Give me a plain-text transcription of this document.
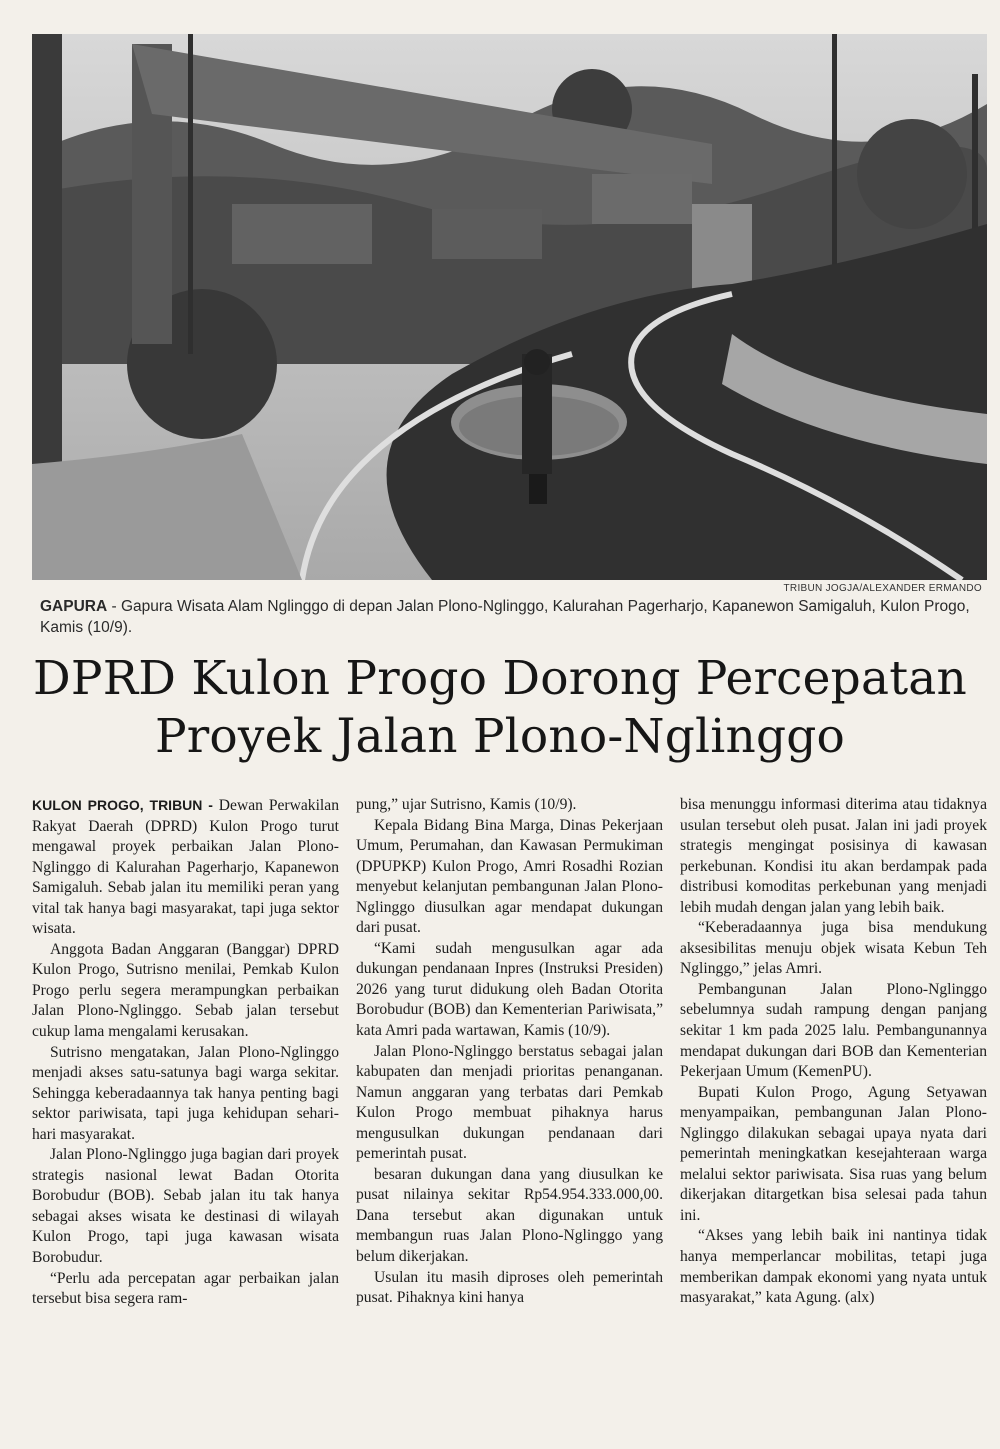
TRIBUN JOGJA/ALEXANDER ERMANDO
GAPURA - Gapura Wisata Alam Nglinggo di depan Jalan Plono-Nglinggo, Kalurahan Pagerharjo, Kapanewon Samigaluh, Kulon Progo, Kamis (10/9).
DPRD Kulon Progo Dorong Percepatan
Proyek Jalan Plono-Nglinggo

KULON PROGO, TRIBUN - Dewan Perwakilan Rakyat Daerah (DPRD) Kulon Progo turut mengawal proyek perbaikan Jalan Plono-Nglinggo di Kalurahan Pagerharjo, Kapanewon Samigaluh. Sebab jalan itu memiliki peran yang vital tak hanya bagi masyarakat, tapi juga sektor wisata.

Anggota Badan Anggaran (Banggar) DPRD Kulon Progo, Sutrisno menilai, Pemkab Kulon Progo perlu segera merampungkan perbaikan Jalan Plono-Nglinggo. Sebab jalan tersebut cukup lama mengalami kerusakan.

Sutrisno mengatakan, Jalan Plono-Nglinggo menjadi akses satu-satunya bagi warga sekitar. Sehingga keberadaannya tak hanya penting bagi sektor pariwisata, tapi juga kehidupan sehari-hari masyarakat.

Jalan Plono-Nglinggo juga bagian dari proyek strategis nasional lewat Badan Otorita Borobudur (BOB). Sebab jalan itu tak hanya sebagai akses wisata ke destinasi di wilayah Kulon Progo, tapi juga kawasan wisata Borobudur.

“Perlu ada percepatan agar perbaikan jalan tersebut bisa segera ram-

pung,” ujar Sutrisno, Kamis (10/9).

Kepala Bidang Bina Marga, Dinas Pekerjaan Umum, Perumahan, dan Kawasan Permukiman (DPUPKP) Kulon Progo, Amri Rosadhi Rozian menyebut kelanjutan pembangunan Jalan Plono-Nglinggo diusulkan agar mendapat dukungan dari pusat.

“Kami sudah mengusulkan agar ada dukungan pendanaan Inpres (Instruksi Presiden) 2026 yang turut didukung oleh Badan Otorita Borobudur (BOB) dan Kementerian Pariwisata,” kata Amri pada wartawan, Kamis (10/9).

Jalan Plono-Nglinggo berstatus sebagai jalan kabupaten dan menjadi prioritas penanganan. Namun anggaran yang terbatas dari Pemkab Kulon Progo membuat pihaknya harus mengusulkan dukungan pendanaan dari pemerintah pusat.

besaran dukungan dana yang diusulkan ke pusat nilainya sekitar Rp54.954.333.000,00. Dana tersebut akan digunakan untuk membangun ruas Jalan Plono-Nglinggo yang belum dikerjakan.

Usulan itu masih diproses oleh pemerintah pusat. Pihaknya kini hanya

bisa menunggu informasi diterima atau tidaknya usulan tersebut oleh pusat. Jalan ini jadi proyek strategis mengingat posisinya di kawasan perkebunan. Kondisi itu akan berdampak pada distribusi komoditas perkebunan yang menjadi lebih mudah dengan jalan yang lebih baik.

“Keberadaannya juga bisa mendukung aksesibilitas menuju objek wisata Kebun Teh Nglinggo,” jelas Amri.

Pembangunan Jalan Plono-Nglinggo sebelumnya sudah rampung dengan panjang sekitar 1 km pada 2025 lalu. Pembangunannya mendapat dukungan dari BOB dan Kementerian Pekerjaan Umum (KemenPU).

Bupati Kulon Progo, Agung Setyawan menyampaikan, pembangunan Jalan Plono-Nglinggo dilakukan sebagai upaya nyata dari pemerintah meningkatkan kesejahteraan warga melalui sektor pariwisata. Sisa ruas yang belum dikerjakan ditargetkan bisa selesai pada tahun ini.

“Akses yang lebih baik ini nantinya tidak hanya memperlancar mobilitas, tetapi juga memberikan dampak ekonomi yang nyata untuk masyarakat,” kata Agung. (alx)
